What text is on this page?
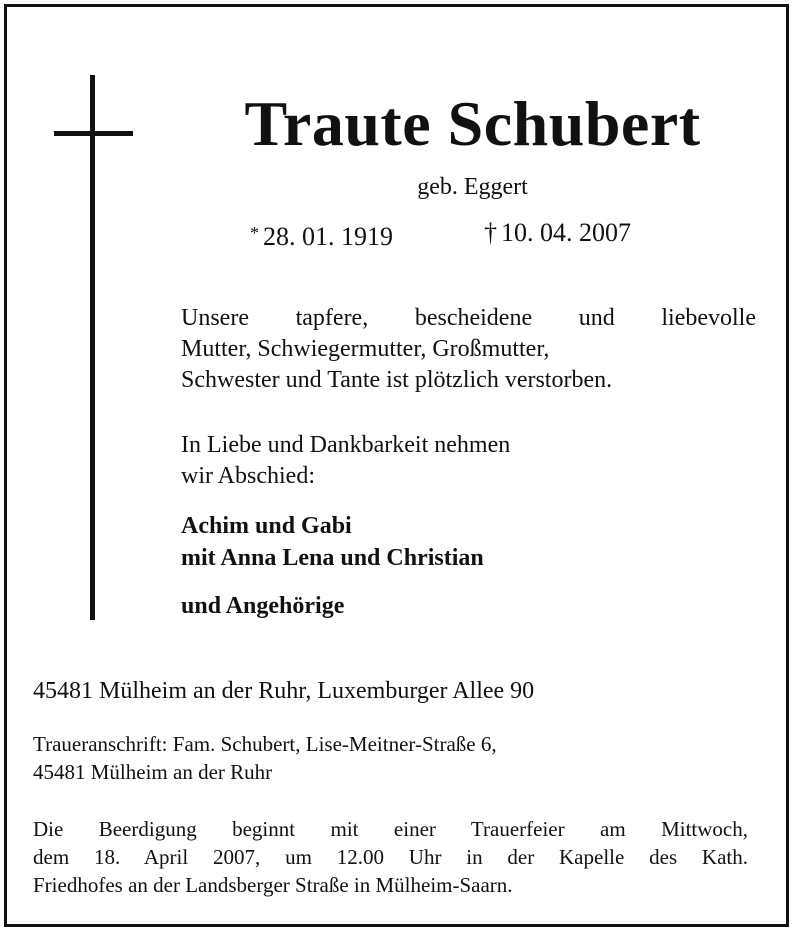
Traute Schubert
geb. Eggert
* 28. 01. 1919	† 10. 04. 2007
Unsere tapfere, bescheidene und liebevolle
Mutter, Schwiegermutter, Großmutter,
Schwester und Tante ist plötzlich verstorben.
In Liebe und Dankbarkeit nehmen
wir Abschied:
Achim und Gabi
mit Anna Lena und Christian
und Angehörige
45481 Mülheim an der Ruhr, Luxemburger Allee 90
Traueranschrift: Fam. Schubert, Lise-Meitner-Straße 6,
45481 Mülheim an der Ruhr
Die Beerdigung beginnt mit einer Trauerfeier am Mittwoch,
dem 18. April 2007, um 12.00 Uhr in der Kapelle des Kath.
Friedhofes an der Landsberger Straße in Mülheim-Saarn.
